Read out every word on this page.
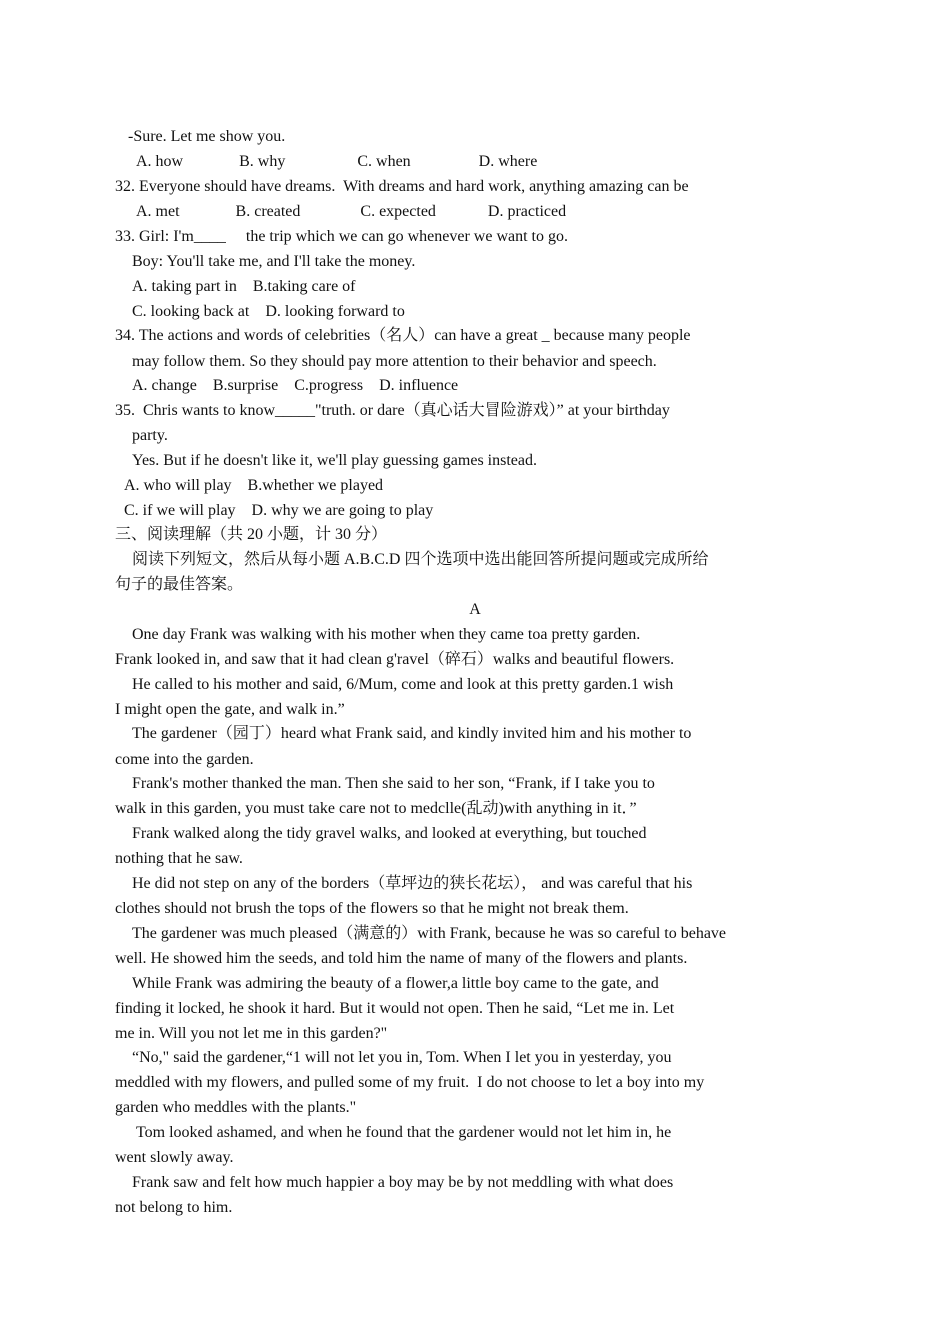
-Sure. Let me show you.
A. how              B. why                  C. when                 D. where
32. Everyone should have dreams.  With dreams and hard work, anything amazing can be
A. met              B. created               C. expected             D. practiced
33. Girl: I'm____     the trip which we can go whenever we want to go.
Boy: You'll take me, and I'll take the money.
A. taking part in    B.taking care of
C. looking back at    D. looking forward to
34. The actions and words of celebrities（名人）can have a great _ because many people
may follow them. So they should pay more attention to their behavior and speech.
A. change    B.surprise    C.progress    D. influence
35.  Chris wants to know_____"truth. or dare（真心话大冒险游戏）” at your birthday
party.
Yes. But if he doesn't like it, we'll play guessing games instead.
A. who will play    B.whether we played
C. if we will play    D. why we are going to play
三、阅读理解（共 20 小题，计 30 分）
阅读下列短文，然后从每小题 A.B.C.D 四个选项中选出能回答所提问题或完成所给
句子的最佳答案。
A
One day Frank was walking with his mother when they came toa pretty garden.
Frank looked in, and saw that it had clean g'ravel（碎石）walks and beautiful flowers.
He called to his mother and said, 6/Mum, come and look at this pretty garden.1 wish
I might open the gate, and walk in.”
The gardener（园丁）heard what Frank said, and kindly invited him and his mother to
come into the garden.
Frank's mother thanked the man. Then she said to her son, “Frank, if I take you to
walk in this garden, you must take care not to medclle(乱动)with anything in it．”
Frank walked along the tidy gravel walks, and looked at everything, but touched
nothing that he saw.
He did not step on any of the borders（草坪边的狭长花坛）， and was careful that his
clothes should not brush the tops of the flowers so that he might not break them.
The gardener was much pleased（满意的）with Frank, because he was so careful to behave
well. He showed him the seeds, and told him the name of many of the flowers and plants.
While Frank was admiring the beauty of a flower,a little boy came to the gate, and
finding it locked, he shook it hard. But it would not open. Then he said, “Let me in. Let
me in. Will you not let me in this garden?"
“No," said the gardener,“1 will not let you in, Tom. When I let you in yesterday, you
meddled with my flowers, and pulled some of my fruit.  I do not choose to let a boy into my
garden who meddles with the plants."
Tom looked ashamed, and when he found that the gardener would not let him in, he
went slowly away.
Frank saw and felt how much happier a boy may be by not meddling with what does
not belong to him.
